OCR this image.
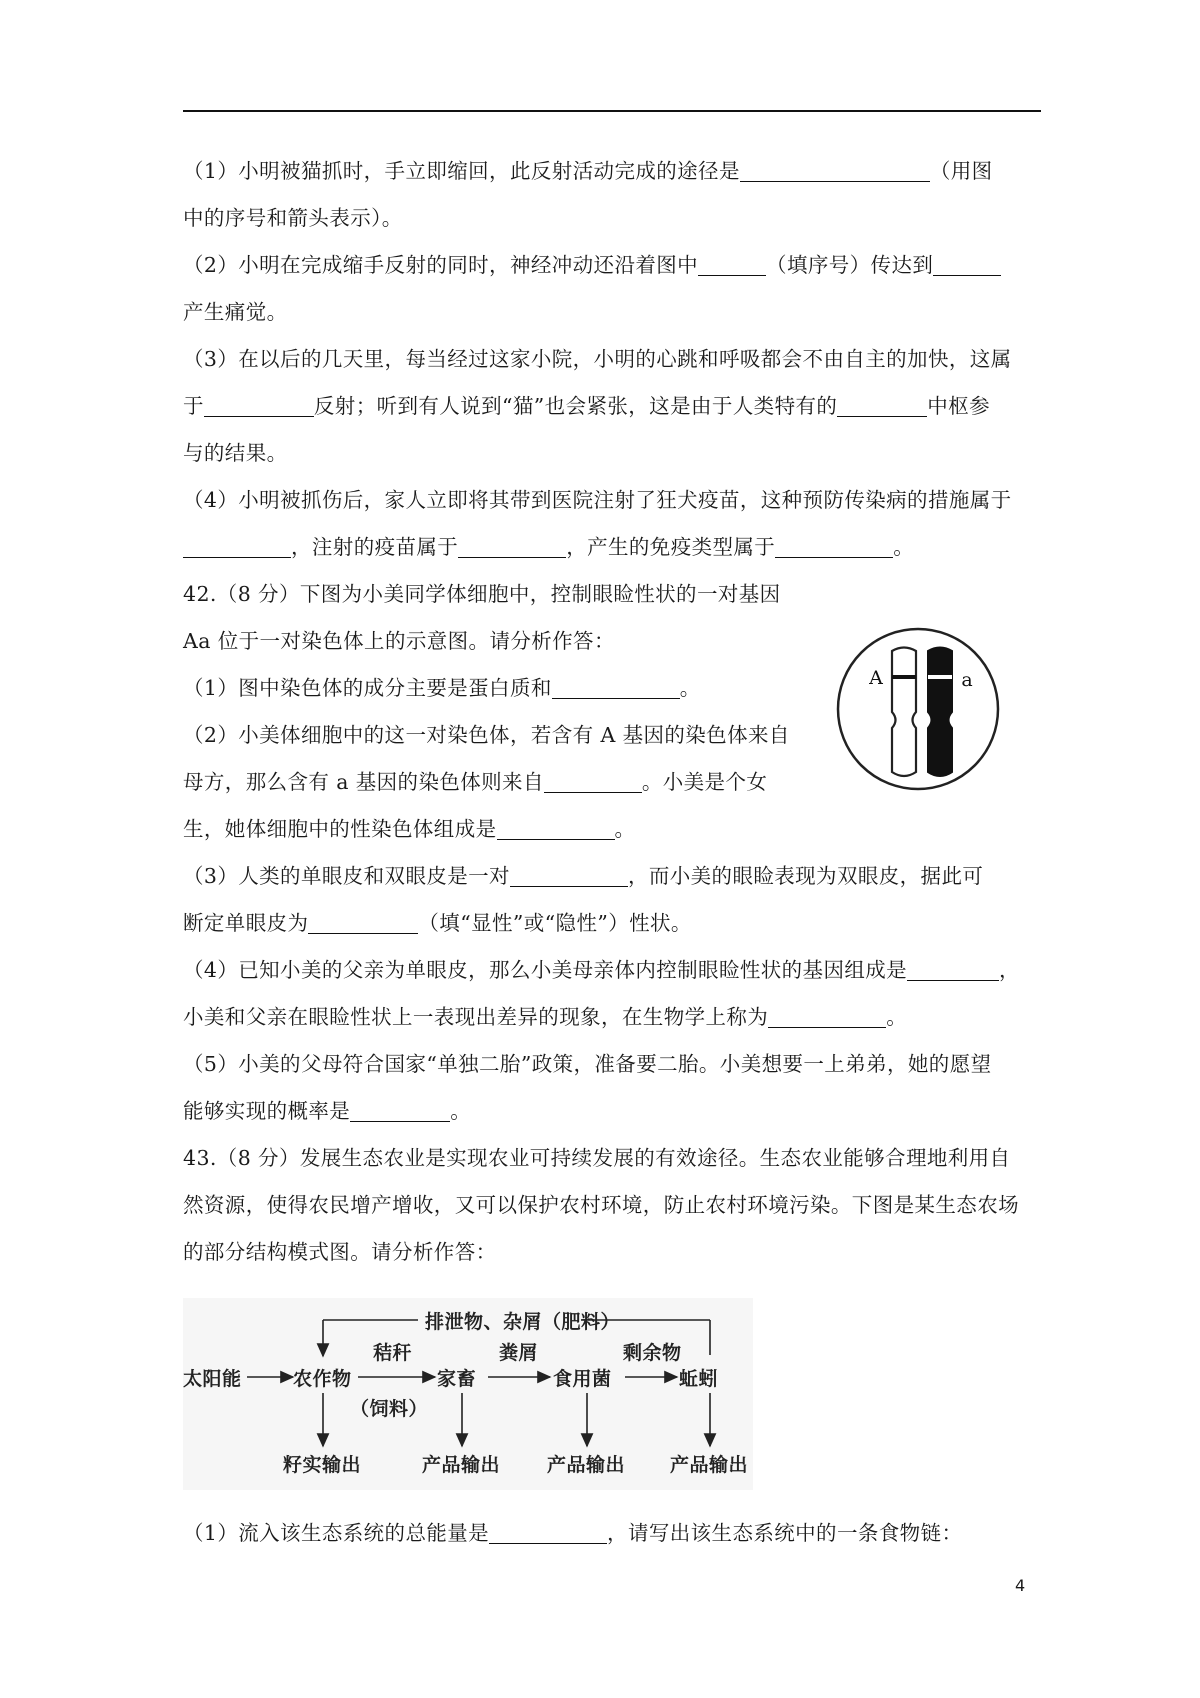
（1）小明被猫抓时，手立即缩回，此反射活动完成的途径是	（用图
中的序号和箭头表示）。
（2）小明在完成缩手反射的同时，神经冲动还沿着图中	（填序号）传达到
产生痛觉。
（3）在以后的几天里，每当经过这家小院，小明的心跳和呼吸都会不由自主的加快，这属
于	反射；听到有人说到“猫”也会紧张，这是由于人类特有的	中枢参
与的结果。
（4）小明被抓伤后，家人立即将其带到医院注射了狂犬疫苗，这种预防传染病的措施属于
，注射的疫苗属于	，产生的免疫类型属于	。
42.（8 分）下图为小美同学体细胞中，控制眼睑性状的一对基因
Aa 位于一对染色体上的示意图。请分析作答：
（1）图中染色体的成分主要是蛋白质和	。
（2）小美体细胞中的这一对染色体，若含有 A 基因的染色体来自
母方，那么含有 a 基因的染色体则来自	。小美是个女
生，她体细胞中的性染色体组成是	。
A	a
（3）人类的单眼皮和双眼皮是一对	，而小美的眼睑表现为双眼皮，据此可
断定单眼皮为	（填“显性”或“隐性”）性状。
（4）已知小美的父亲为单眼皮，那么小美母亲体内控制眼睑性状的基因组成是	，
小美和父亲在眼睑性状上一表现出差异的现象，在生物学上称为	。
（5）小美的父母符合国家“单独二胎”政策，准备要二胎。小美想要一上弟弟，她的愿望
能够实现的概率是	。
43.（8 分）发展生态农业是实现农业可持续发展的有效途径。生态农业能够合理地利用自
然资源，使得农民增产增收，又可以保护农村环境，防止农村环境污染。下图是某生态农场
的部分结构模式图。请分析作答：
排泄物、杂屑（肥料）
太阳能	农作物
秸秆
（饲料）
家畜
粪屑
食用菌
剩余物
蚯蚓
籽实输出	产品输出 产品输出 产品输出
（1）流入该生态系统的总能量是	，请写出该生态系统中的一条食物链：
4
